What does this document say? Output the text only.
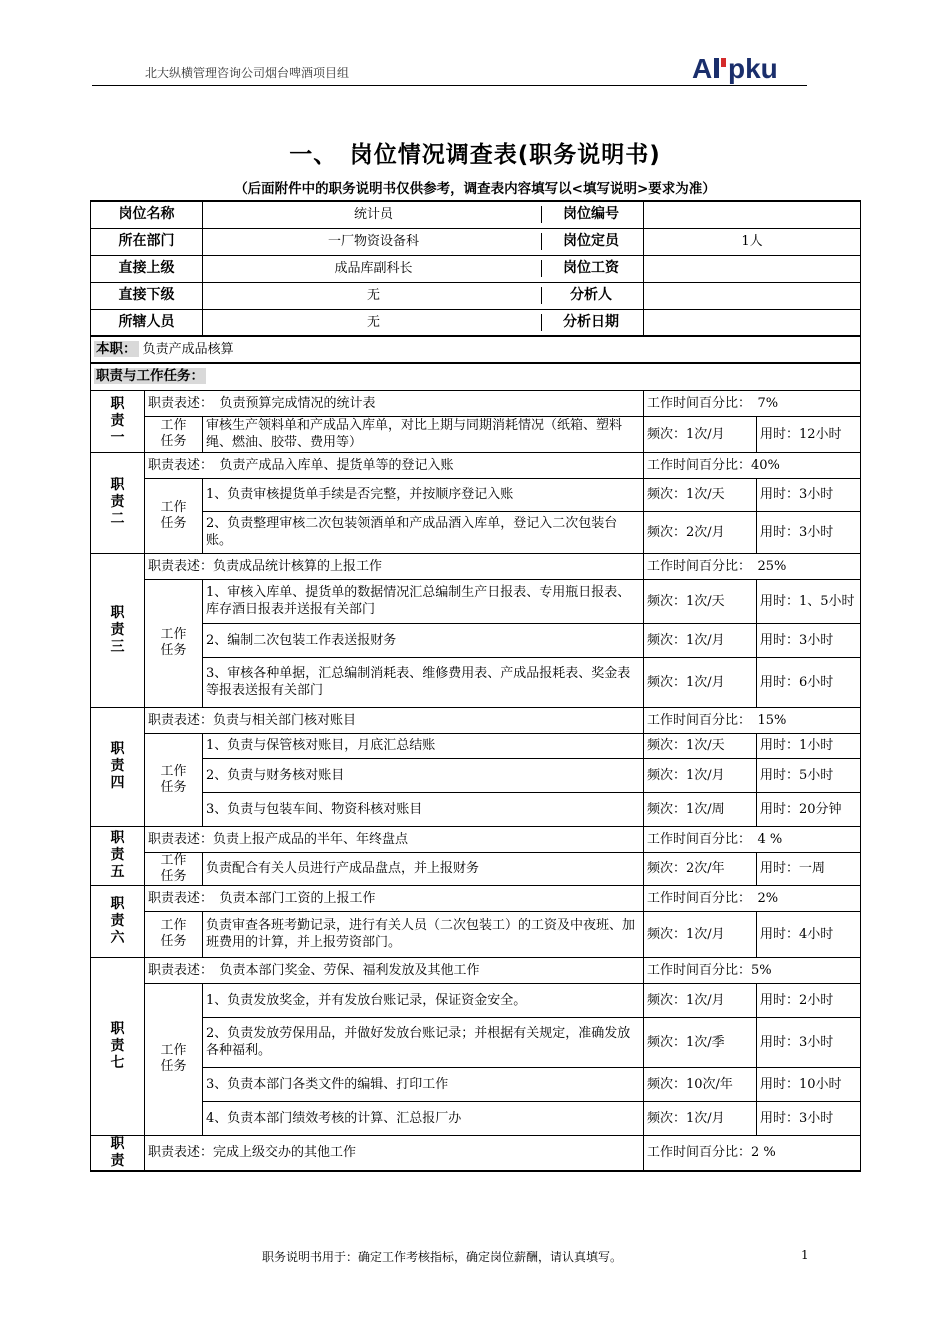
北大纵横管理咨询公司烟台啤酒项目组	A pku
一、　岗位情况调查表(职务说明书)
（后面附件中的职务说明书仅供参考，调查表内容填写以<填写说明>要求为准）
岗位名称		统计员 岗位编号		

所在部门		一厂物资设备科 岗位定员	1人	
直接上级		成品库副科长 岗位工资		

直接下级		无 分析人		

所辖人员		无 分析日期		

本职： 负责产成品核算				
职责与工作任务：				

职责一	职责表述：　负责预算完成情况的统计表		工作时间百分比：　7%	

	工作任务	审核生产领料单和产成品入库单，对比上期与同期消耗情况（纸箱、塑料绳、燃油、胶带、费用等）	频次：1次/月	用时：12小时

职责二	职责表述：　负责产成品入库单、提货单等的登记入账		工作时间百分比：40%	

	工作任务	1、负责审核提货单手续是否完整，并按顺序登记入账	频次：1次/天	用时：3小时
		2、负责整理审核二次包装领酒单和产成品酒入库单，登记入二次包装台账。	频次：2次/月	用时：3小时

职责三	职责表述：负责成品统计核算的上报工作		工作时间百分比：　25%	

	工作任务	1、审核入库单、提货单的数据情况汇总编制生产日报表、专用瓶日报表、库存酒日报表并送报有关部门	频次：1次/天	用时：1、5小时
		2、编制二次包装工作表送报财务	频次：1次/月	用时：3小时
		3、审核各种单据，汇总编制消耗表、维修费用表、产成品报耗表、奖金表等报表送报有关部门	频次：1次/月	用时：6小时

职责四	职责表述：负责与相关部门核对账目		工作时间百分比：　15%	

	工作任务	1、负责与保管核对账目，月底汇总结账	频次：1次/天	用时：1小时
		2、负责与财务核对账目	频次：1次/月	用时：5小时
		3、负责与包装车间、物资科核对账目	频次：1次/周	用时：20分钟

职责五	职责表述：负责上报产成品的半年、年终盘点		工作时间百分比：　4 %	

	工作任务	负责配合有关人员进行产成品盘点，并上报财务	频次：2次/年	用时：一周

职责六	职责表述：　负责本部门工资的上报工作		工作时间百分比：　2%	

	工作任务	负责审查各班考勤记录，进行有关人员（二次包装工）的工资及中夜班、加班费用的计算，并上报劳资部门。	频次：1次/月	用时：4小时

职责七	职责表述：　负责本部门奖金、劳保、福利发放及其他工作		工作时间百分比：5%	

	工作任务	1、负责发放奖金，并有发放台账记录，保证资金安全。	频次：1次/月	用时：2小时
		2、负责发放劳保用品，并做好发放台账记录；并根据有关规定，准确发放各种福利。	频次：1次/季	用时：3小时
		3、负责本部门各类文件的编辑、打印工作	频次：10次/年	用时：10小时
		4、负责本部门绩效考核的计算、汇总报厂办	频次：1次/月	用时：3小时

职责	职责表述：完成上级交办的其他工作		工作时间百分比：2 %	
职务说明书用于：确定工作考核指标，确定岗位薪酬，请认真填写。	1
